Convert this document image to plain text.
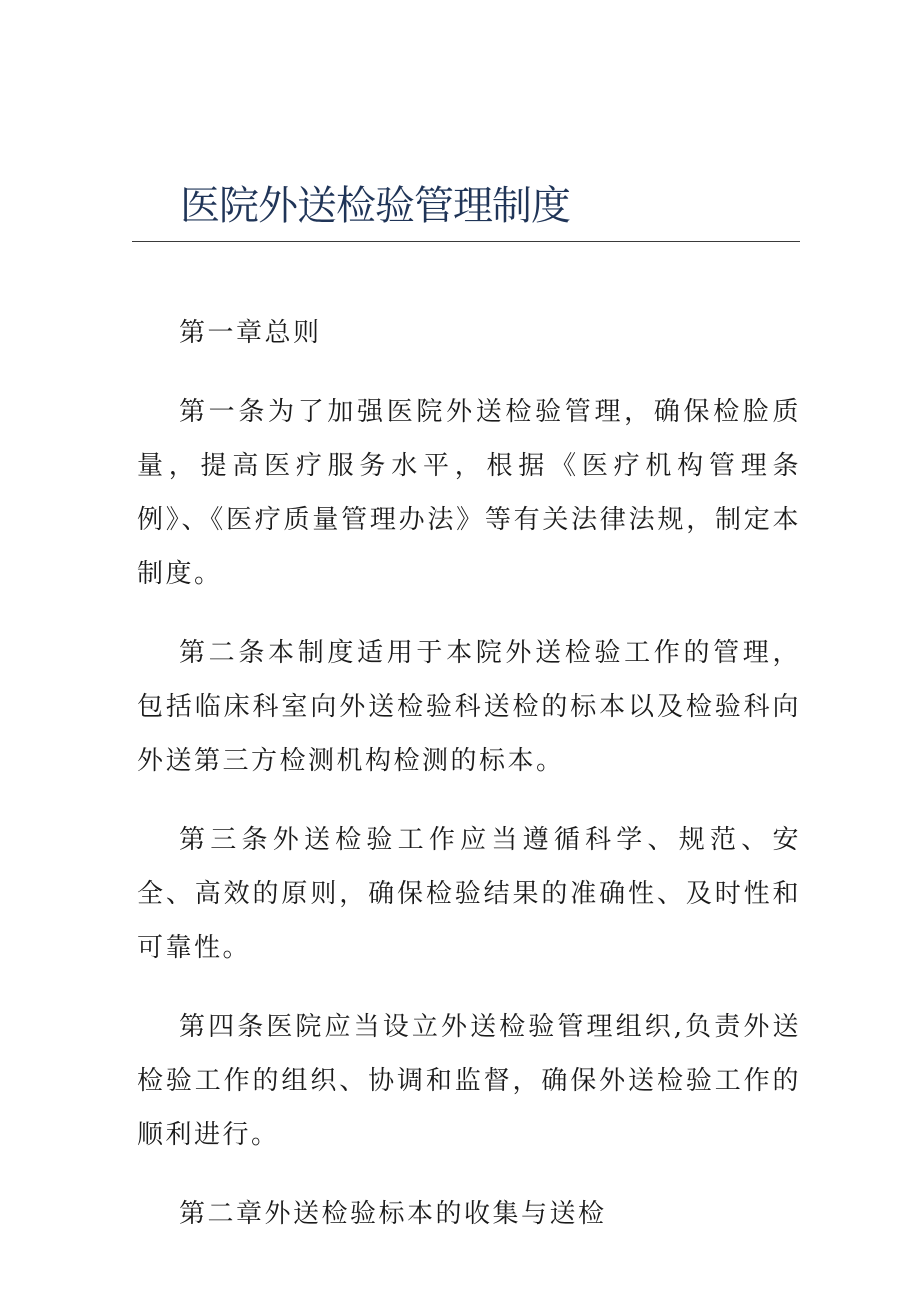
医院外送检验管理制度

第一章总则

第一条为了加强医院外送检验管理，确保检脸质量，提高医疗服务水平，根据《医疗机构管理条例》、《医疗质量管理办法》等有关法律法规，制定本制度。

第二条本制度适用于本院外送检验工作的管理，包括临床科室向外送检验科送检的标本以及检验科向外送第三方检测机构检测的标本。

第三条外送检验工作应当遵循科学、规范、安全、高效的原则，确保检验结果的准确性、及时性和可靠性。

第四条医院应当设立外送检验管理组织,负责外送检验工作的组织、协调和监督，确保外送检验工作的顺利进行。

第二章外送检验标本的收集与送检
